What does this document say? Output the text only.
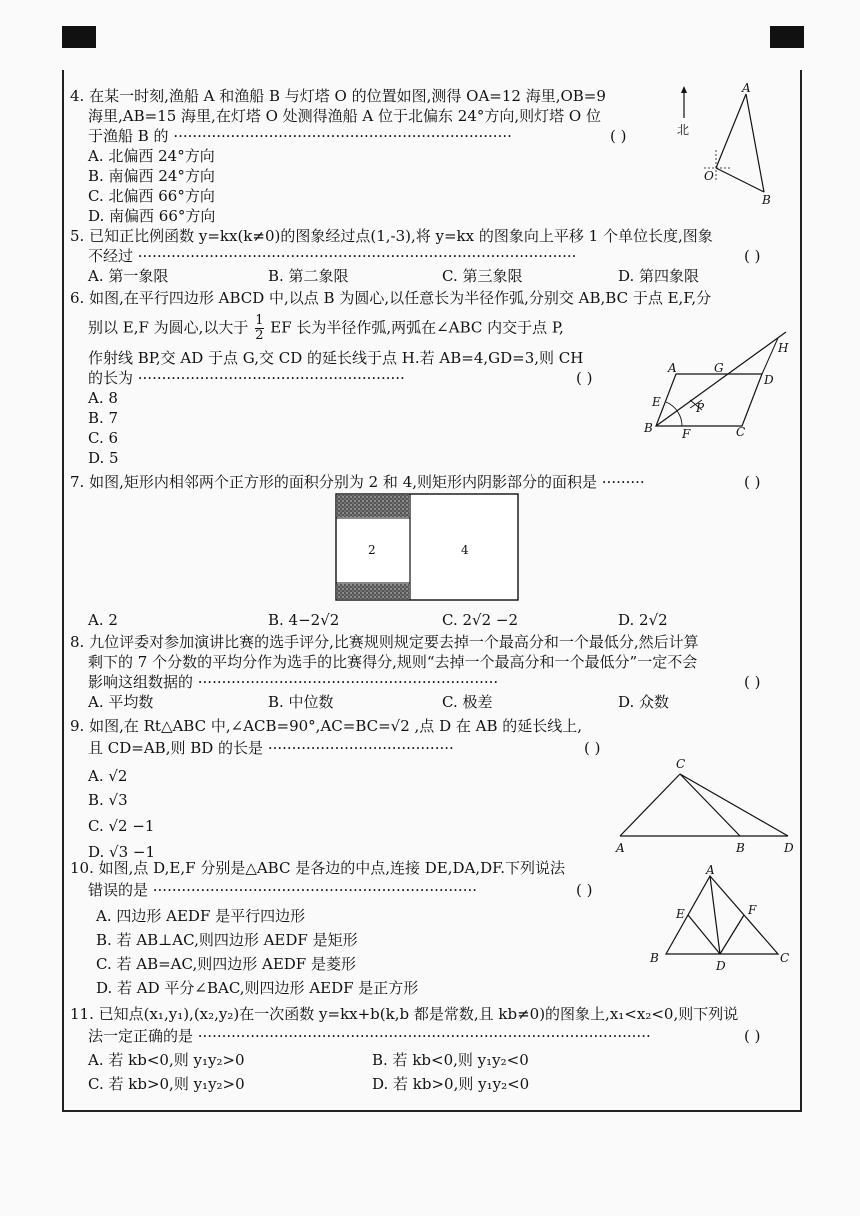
4. 在某一时刻,渔船 A 和渔船 B 与灯塔 O 的位置如图,测得 OA=12 海里,OB=9
海里,AB=15 海里,在灯塔 O 处测得渔船 A 位于北偏东 24°方向,则灯塔 O 位
于渔船 B 的 ·······································································	( )
A. 北偏西 24°方向
B. 南偏西 24°方向
C. 北偏西 66°方向
D. 南偏西 66°方向
北
A
O
B
5. 已知正比例函数 y=kx(k≠0)的图象经过点(1,-3),将 y=kx 的图象向上平移 1 个单位长度,图象
不经过 ····························································································	( )
A. 第一象限	B. 第二象限	C. 第三象限	D. 第四象限
6. 如图,在平行四边形 ABCD 中,以点 B 为圆心,以任意长为半径作弧,分别交 AB,BC 于点 E,F,分
别以 E,F 为圆心,以大于 $\frac{1}{2}$ EF 长为半径作弧,两弧在∠ABC 内交于点 P,
作射线 BP,交 AD 于点 G,交 CD 的延长线于点 H.若 AB=4,GD=3,则 CH
的长为 ························································	( )
A. 8
B. 7
C. 6
D. 5
A	G
D
H
E	P
B F	C
7. 如图,矩形内相邻两个正方形的面积分别为 2 和 4,则矩形内阴影部分的面积是 ·········	( )
2	4
A. 2	B. 4−2√2	C. 2√2 −2	D. 2√2
8. 九位评委对参加演讲比赛的选手评分,比赛规则规定要去掉一个最高分和一个最低分,然后计算
剩下的 7 个分数的平均分作为选手的比赛得分,规则“去掉一个最高分和一个最低分”一定不会
影响这组数据的 ·······························································	( )
A. 平均数	B. 中位数	C. 极差	D. 众数
9. 如图,在 Rt△ABC 中,∠ACB=90°,AC=BC=√2 ,点 D 在 AB 的延长线上,
且 CD=AB,则 BD 的长是 ·······································	( )
A. √2
B. √3
C. √2 −1
D. √3 −1
C
A	B	D
10. 如图,点 D,E,F 分别是△ABC 是各边的中点,连接 DE,DA,DF.下列说法
错误的是 ····································································	( )
A. 四边形 AEDF 是平行四边形
B. 若 AB⊥AC,则四边形 AEDF 是矩形
C. 若 AB=AC,则四边形 AEDF 是菱形
D. 若 AD 平分∠BAC,则四边形 AEDF 是正方形
A
E	F
B
D
C
11. 已知点(x₁,y₁),(x₂,y₂)在一次函数 y=kx+b(k,b 都是常数,且 kb≠0)的图象上,x₁<x₂<0,则下列说
法一定正确的是 ·······························································································	( )
A. 若 kb<0,则 y₁y₂>0	B. 若 kb<0,则 y₁y₂<0
C. 若 kb>0,则 y₁y₂>0	D. 若 kb>0,则 y₁y₂<0
